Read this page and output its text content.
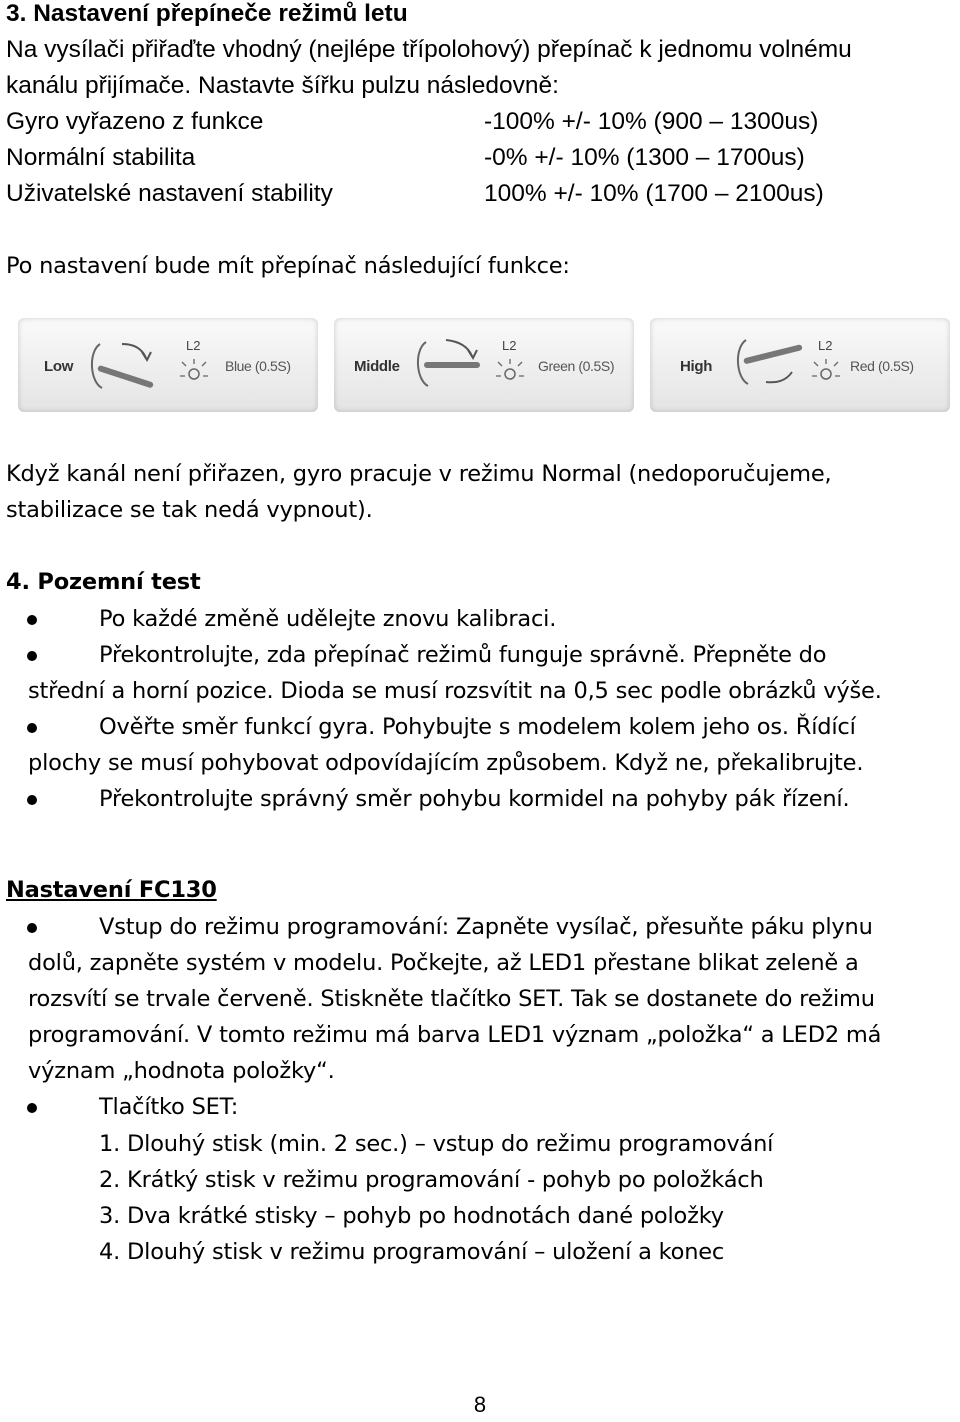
3. Nastavení přepíneče režimů letu
Na vysílači přiřaďte vhodný (nejlépe třípolohový) přepínač k jednomu volnému
kanálu přijímače. Nastavte šířku pulzu následovně:
Gyro vyřazeno z funkce	-100% +/- 10% (900 – 1300us)
Normální stabilita	-0% +/- 10% (1300 – 1700us)
Uživatelské nastavení stability	100% +/- 10% (1700 – 2100us)
Po nastavení bude mít přepínač následující funkce:
Low
L2
Blue (0.5S)	Middle
L2
Green (0.5S)	High
L2
Red (0.5S)
Když kanál není přiřazen, gyro pracuje v režimu Normal (nedoporučujeme,
stabilizace se tak nedá vypnout).
4. Pozemní test
Po každé změně udělejte znovu kalibraci.
Překontrolujte, zda přepínač režimů funguje správně. Přepněte do
střední a horní pozice. Dioda se musí rozsvítit na 0,5 sec podle obrázků výše.
Ověřte směr funkcí gyra. Pohybujte s modelem kolem jeho os. Řídící
plochy se musí pohybovat odpovídajícím způsobem. Když ne, překalibrujte.
Překontrolujte správný směr pohybu kormidel na pohyby pák řízení.
Nastavení FC130
Vstup do režimu programování: Zapněte vysílač, přesuňte páku plynu
dolů, zapněte systém v modelu. Počkejte, až LED1 přestane blikat zeleně a
rozsvítí se trvale červeně. Stiskněte tlačítko SET. Tak se dostanete do režimu
programování. V tomto režimu má barva LED1 význam „položka“ a LED2 má
význam „hodnota položky“.
Tlačítko SET:
1. Dlouhý stisk (min. 2 sec.) – vstup do režimu programování
2. Krátký stisk v režimu programování - pohyb po položkách
3. Dva krátké stisky – pohyb po hodnotách dané položky
4. Dlouhý stisk v režimu programování – uložení a konec
8
